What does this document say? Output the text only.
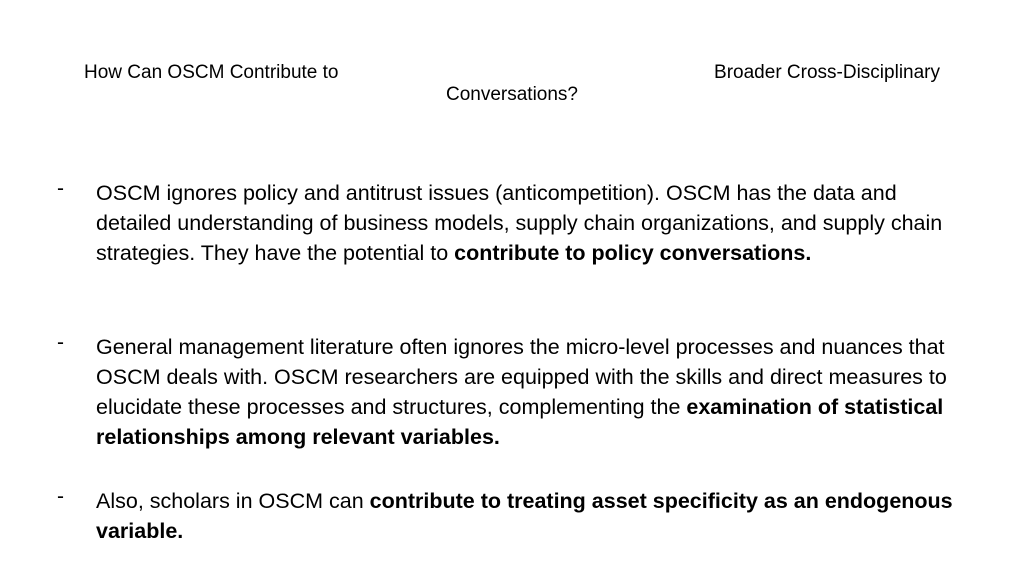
How Can OSCM Contribute to	Broader Cross-Disciplinary
Conversations?
- OSCM ignores policy and antitrust issues (anticompetition). OSCM has the data and detailed understanding of business models, supply chain organizations, and supply chain strategies. They have the potential to contribute to policy conversations.
- General management literature often ignores the micro-level processes and nuances that OSCM deals with. OSCM researchers are equipped with the skills and direct measures to elucidate these processes and structures, complementing the examination of statistical relationships among relevant variables.
- Also, scholars in OSCM can contribute to treating asset specificity as an endogenous variable.
